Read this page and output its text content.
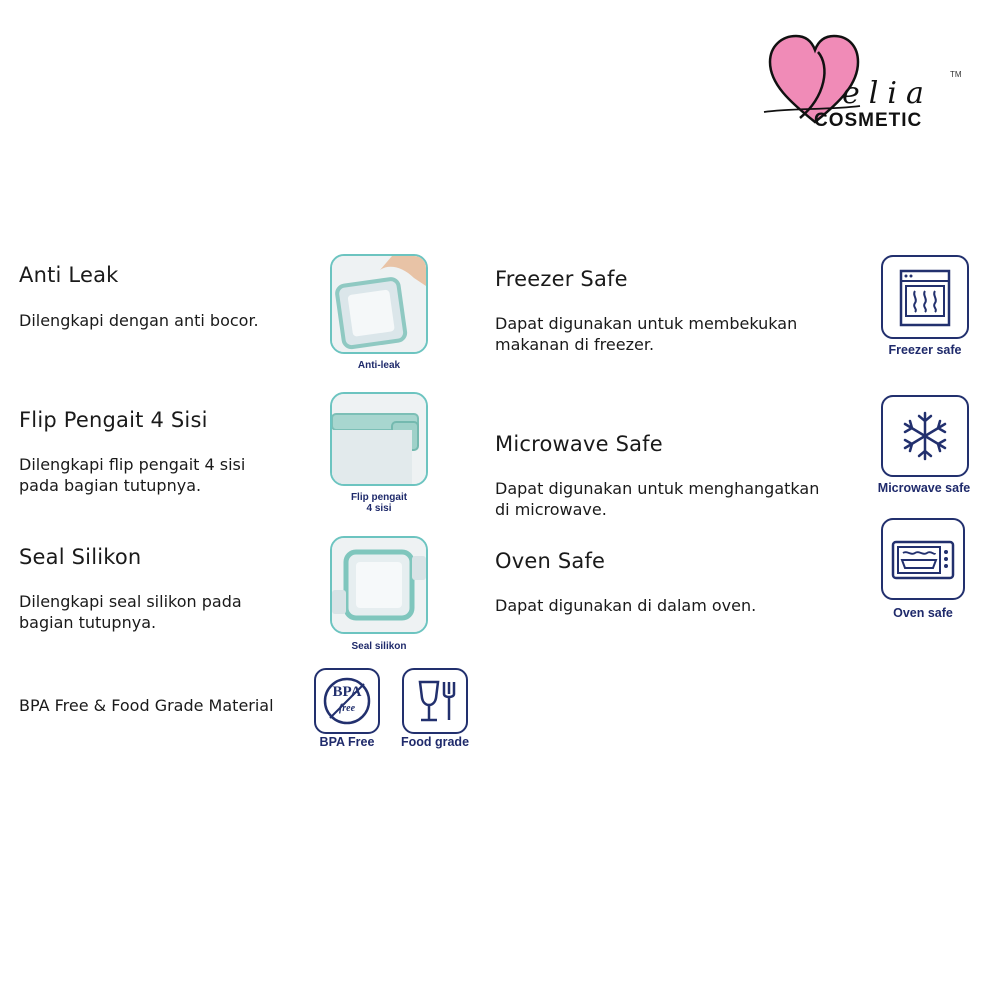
elia
TM
COSMETIC
Anti Leak
Dilengkapi dengan anti bocor.
Anti-leak
Flip Pengait 4 Sisi
Dilengkapi flip pengait 4 sisi
pada bagian tutupnya.
Flip pengait
4 sisi
Seal Silikon
Dilengkapi seal silikon pada
bagian tutupnya.
Seal silikon
BPA Free & Food Grade Material
BPA
free
BPA Free	Food grade
Freezer Safe
Dapat digunakan untuk membekukan
makanan di freezer.	Freezer safe
Microwave Safe
Dapat digunakan untuk menghangatkan
di microwave.
Microwave safe
Oven Safe
Dapat digunakan di dalam oven.	Oven safe
